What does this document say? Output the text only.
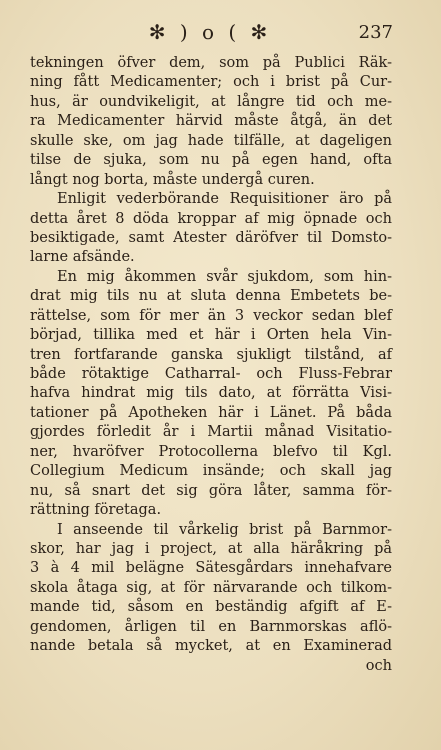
✻ ) o ( ✻	237
tekningen öfver dem, som på Publici Räk-
ning fått Medicamenter; och i brist på Cur-
hus, är oundvikeligit, at långre tid och me-
ra Medicamenter härvid måste åtgå, än det
skulle ske, om jag hade tilfälle, at dageligen
tilse de sjuka, som nu på egen hand, ofta
långt nog borta, måste undergå curen.
Enligit vederbörande Requisitioner äro på
detta året 8 döda kroppar af mig öpnade och
besiktigade, samt Atester däröfver til Domsto-
larne afsände.
En mig åkommen svår sjukdom, som hin-
drat mig tils nu at sluta denna Embetets be-
rättelse, som för mer än 3 veckor sedan blef
börjad, tillika med et här i Orten hela Vin-
tren fortfarande ganska sjukligt tilstånd, af
både rötaktige Catharral- och Fluss-Febrar
hafva hindrat mig tils dato, at förrätta Visi-
tationer på Apotheken här i Länet. På båda
gjordes förledit år i Martii månad Visitatio-
ner, hvaröfver Protocollerna blefvo til Kgl.
Collegium Medicum insände; och skall jag
nu, så snart det sig göra låter, samma för-
rättning företaga.
I anseende til vårkelig brist på Barnmor-
skor, har jag i project, at alla häråkring på
3 à 4 mil belägne Sätesgårdars innehafvare
skola åtaga sig, at för närvarande och tilkom-
mande tid, såsom en beständig afgift af E-
gendomen, årligen til en Barnmorskas aflö-
nande betala så mycket, at en Examinerad
och
